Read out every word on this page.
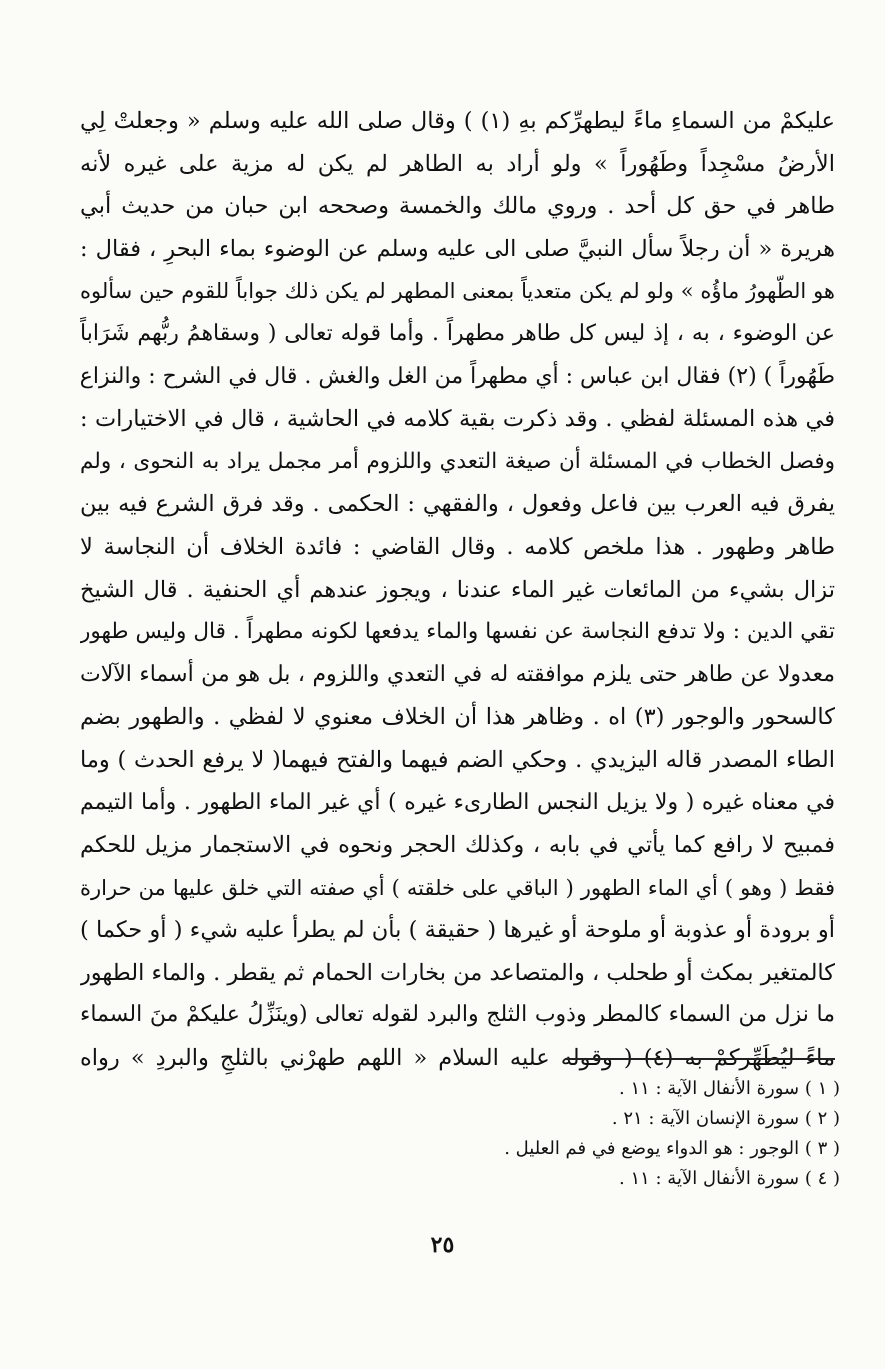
عليكمْ من السماءِ ماءً ليطهرِّكم بهِ (١) ) وقال صلى الله عليه وسلم « وجعلتْ لِي
الأرضُ مسْجِداً وطَهُوراً » ولو أراد به الطاهر لم يكن له مزية على غيره لأنه
طاهر في حق كل أحد . وروي مالك والخمسة وصححه ابن حبان من حديث أبي
هريرة « أن رجلاً سأل النبيَّ صلى الى عليه وسلم عن الوضوء بماء البحرِ ، فقال :
هو الطّهورُ ماؤُه » ولو لم يكن متعدياً بمعنى المطهر لم يكن ذلك جواباً للقوم حين سألوه
عن الوضوء ، به ، إذ ليس كل طاهر مطهراً . وأما قوله تعالى ( وسقاهمُ ربُّهم شَرَاباً
طَهُوراً ) (٢) فقال ابن عباس : أي مطهراً من الغل والغش . قال في الشرح : والنزاع
في هذه المسئلة لفظي . وقد ذكرت بقية كلامه في الحاشية ، قال في الاختيارات :
وفصل الخطاب في المسئلة أن صيغة التعدي واللزوم أمر مجمل يراد به النحوى ، ولم
يفرق فيه العرب بين فاعل وفعول ، والفقهي : الحكمى . وقد فرق الشرع فيه بين
طاهر وطهور . هذا ملخص كلامه . وقال القاضي : فائدة الخلاف أن النجاسة لا
تزال بشيء من المائعات غير الماء عندنا ، ويجوز عندهم أي الحنفية . قال الشيخ
تقي الدين : ولا تدفع النجاسة عن نفسها والماء يدفعها لكونه مطهراً . قال وليس طهور
معدولا عن طاهر حتى يلزم موافقته له في التعدي واللزوم ، بل هو من أسماء الآلات
كالسحور والوجور (٣) اه . وظاهر هذا أن الخلاف معنوي لا لفظي . والطهور بضم
الطاء المصدر قاله اليزيدي . وحكي الضم فيهما والفتح فيهما( لا يرفع الحدث ) وما
في معناه غيره ( ولا يزيل النجس الطارىء غيره ) أي غير الماء الطهور . وأما التيمم
فمبيح لا رافع كما يأتي في بابه ، وكذلك الحجر ونحوه في الاستجمار مزيل للحكم
فقط ( وهو ) أي الماء الطهور ( الباقي على خلقته ) أي صفته التي خلق عليها من حرارة
أو برودة أو عذوبة أو ملوحة أو غيرها ( حقيقة ) بأن لم يطرأ عليه شيء ( أو حكما )
كالمتغير بمكث أو طحلب ، والمتصاعد من بخارات الحمام ثم يقطر . والماء الطهور
ما نزل من السماء كالمطر وذوب الثلج والبرد لقوله تعالى (وينَزِّلُ عليكمْ منَ السماء
ماءً ليُطَهِّركمْ به (٤) ( وقوله عليه السلام « اللهم طهرْني بالثلجِ والبردِ » رواه
( ١ ) سورة الأنفال الآية : ١١ .
( ٢ ) سورة الإنسان الآية : ٢١ .
( ٣ ) الوجور : هو الدواء يوضع في فم العليل .
( ٤ ) سورة الأنفال الآية : ١١ .
٢٥
